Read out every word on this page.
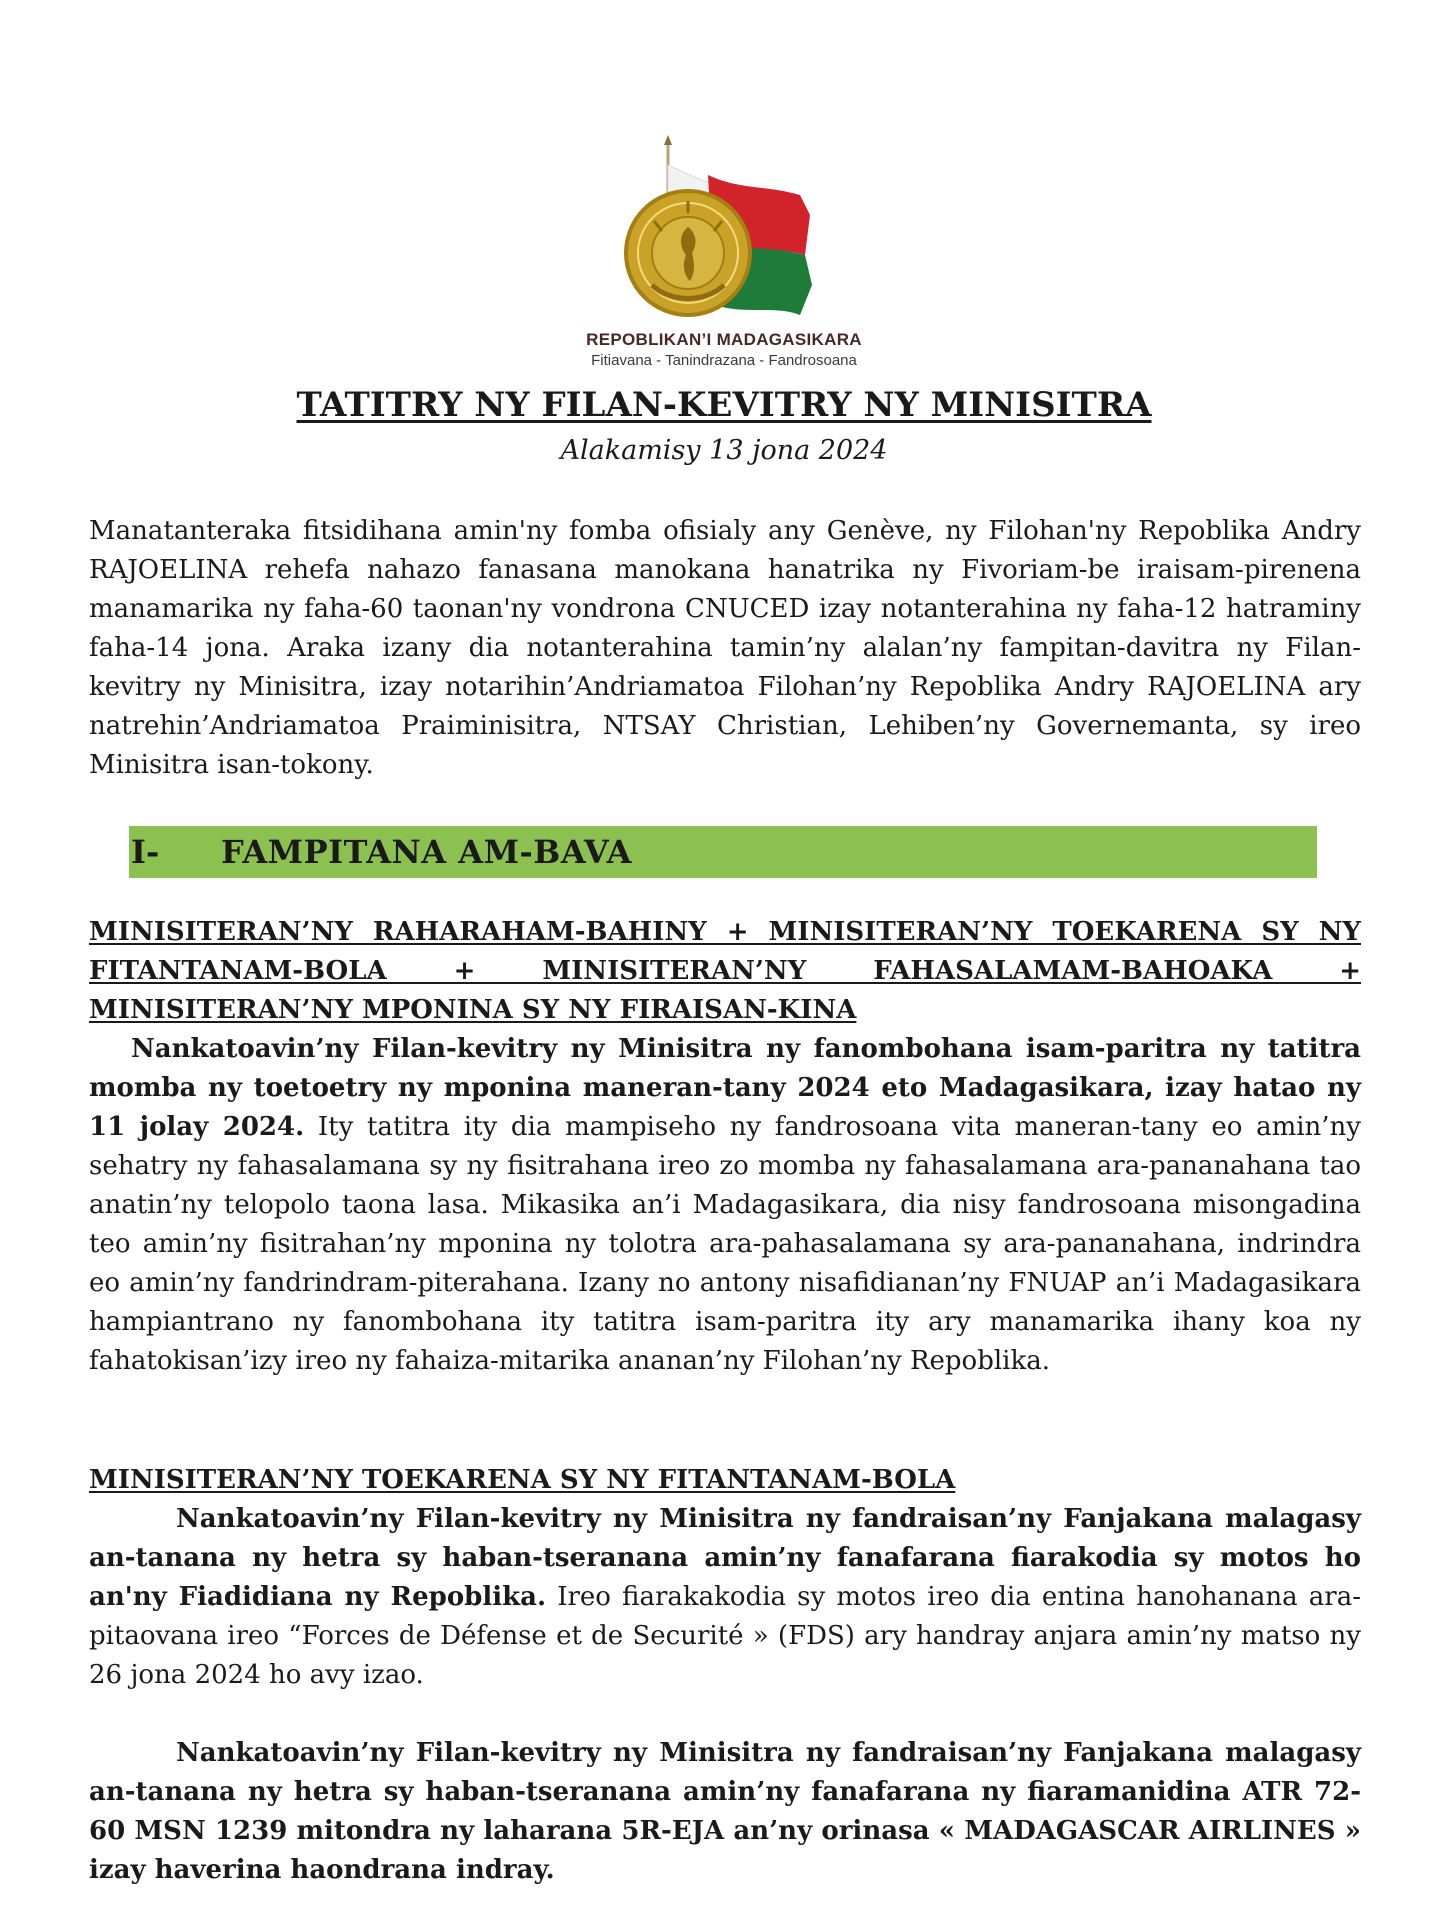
REPOBLIKAN’I MADAGASIKARA
Fitiavana - Tanindrazana - Fandrosoana
TATITRY NY FILAN-KEVITRY NY MINISITRA

Alakamisy 13 jona 2024

Manatanteraka fitsidihana amin'ny fomba ofisialy any Genève, ny Filohan'ny Repoblika Andry RAJOELINA rehefa nahazo fanasana manokana hanatrika ny Fivoriam-be iraisam-pirenena manamarika ny faha-60 taonan'ny vondrona CNUCED izay notanterahina ny faha-12 hatraminy faha-14 jona. Araka izany dia notanterahina tamin’ny alalan’ny fampitan-davitra ny Filan-kevitry ny Minisitra, izay notarihin’Andriamatoa Filohan’ny Repoblika Andry RAJOELINA ary natrehin’Andriamatoa Praiminisitra, NTSAY Christian, Lehiben’ny Governemanta, sy ireo Minisitra isan-tokony.

I-	FAMPITANA AM-BAVA

MINISITERAN’NY RAHARAHAM-BAHINY + MINISITERAN’NY TOEKARENA SY NY FITANTANAM-BOLA + MINISITERAN’NY FAHASALAMAM-BAHOAKA +

MINISITERAN’NY MPONINA SY NY FIRAISAN-KINA

Nankatoavin’ny Filan-kevitry ny Minisitra ny fanombohana isam-paritra ny tatitra momba ny toetoetry ny mponina maneran-tany 2024 eto Madagasikara, izay hatao ny 11 jolay 2024. Ity tatitra ity dia mampiseho ny fandrosoana vita maneran-tany eo amin’ny sehatry ny fahasalamana sy ny fisitrahana ireo zo momba ny fahasalamana ara-pananahana tao anatin’ny telopolo taona lasa. Mikasika an’i Madagasikara, dia nisy fandrosoana misongadina teo amin’ny fisitrahan’ny mponina ny tolotra ara-pahasalamana sy ara-pananahana, indrindra eo amin’ny fandrindram-piterahana. Izany no antony nisafidianan’ny FNUAP an’i Madagasikara hampiantrano ny fanombohana ity tatitra isam-paritra ity ary manamarika ihany koa ny fahatokisan’izy ireo ny fahaiza-mitarika ananan’ny Filohan’ny Repoblika.

MINISITERAN’NY TOEKARENA SY NY FITANTANAM-BOLA

Nankatoavin’ny Filan-kevitry ny Minisitra ny fandraisan’ny Fanjakana malagasy an-tanana ny hetra sy haban-tseranana amin’ny fanafarana fiarakodia sy motos ho an'ny Fiadidiana ny Repoblika. Ireo fiarakakodia sy motos ireo dia entina hanohanana ara-pitaovana ireo “Forces de Défense et de Securité » (FDS) ary handray anjara amin’ny matso ny 26 jona 2024 ho avy izao.

Nankatoavin’ny Filan-kevitry ny Minisitra ny fandraisan’ny Fanjakana malagasy an-tanana ny hetra sy haban-tseranana amin’ny fanafarana ny fiaramanidina ATR 72-60 MSN 1239 mitondra ny laharana 5R-EJA an’ny orinasa « MADAGASCAR AIRLINES » izay haverina haondrana indray.
